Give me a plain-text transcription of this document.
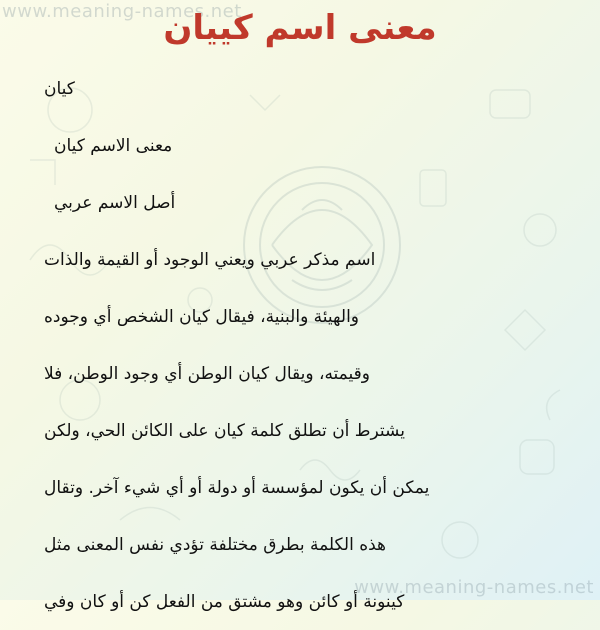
www.meaning-names.net
معنى اسم كييان
كيان
معنى الاسم كيان
أصل الاسم عربي
اسم مذكر عربي ويعني الوجود أو القيمة والذات
والهيئة والبنية، فيقال كيان الشخص أي وجوده
وقيمته، ويقال كيان الوطن أي وجود الوطن، فلا
يشترط أن تطلق كلمة كيان على الكائن الحي، ولكن
يمكن أن يكون لمؤسسة أو دولة أو أي شيء آخر. وتقال
هذه الكلمة بطرق مختلفة تؤدي نفس المعنى مثل
كينونة أو كائن وهو مشتق من الفعل كن أو كان وفي
www.meaning-names.net
